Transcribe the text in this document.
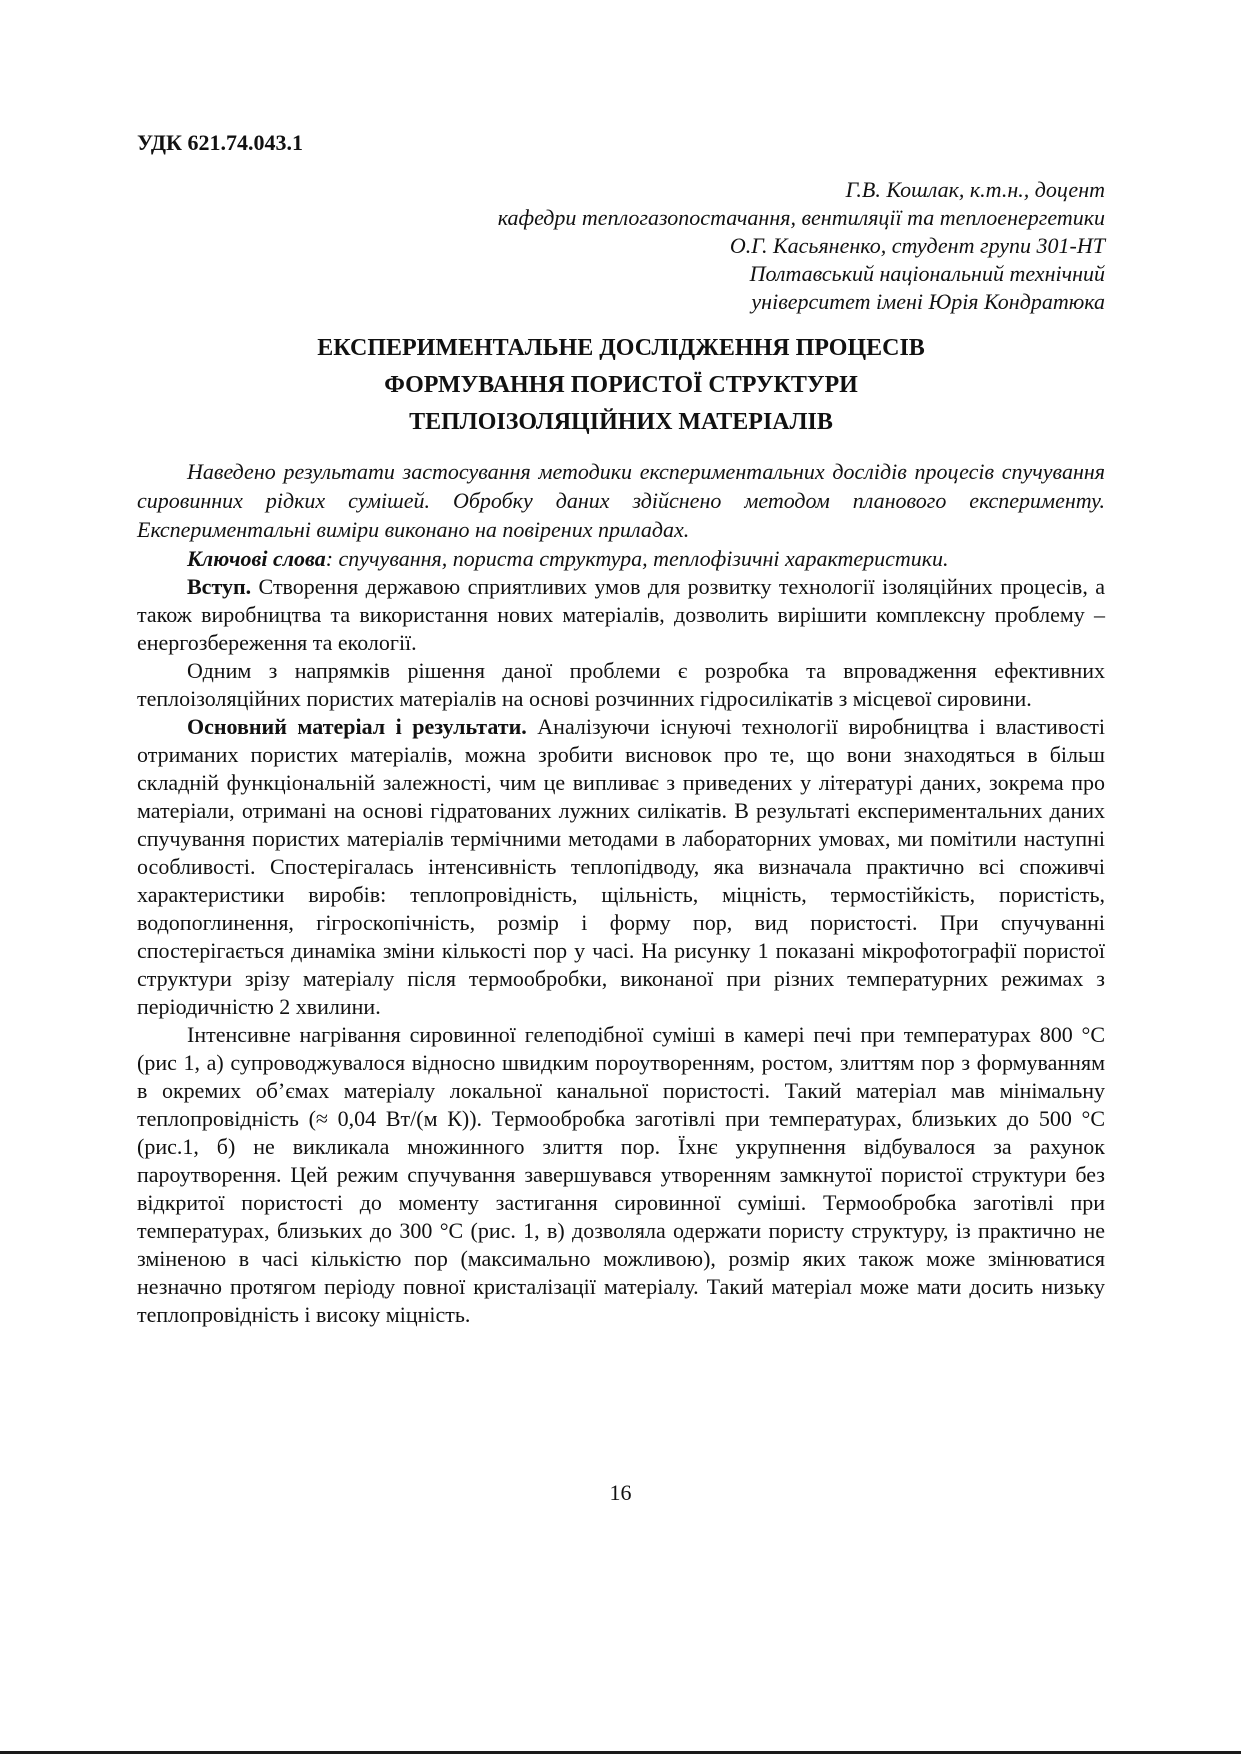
УДК 621.74.043.1
Г.В. Кошлак, к.т.н., доцент
кафедри теплогазопостачання, вентиляції та теплоенергетики
О.Г. Касьяненко, студент групи 301-НТ
Полтавський національний технічний
університет імені Юрія Кондратюка
ЕКСПЕРИМЕНТАЛЬНЕ ДОСЛІДЖЕННЯ ПРОЦЕСІВ
ФОРМУВАННЯ ПОРИСТОЇ СТРУКТУРИ
ТЕПЛОІЗОЛЯЦІЙНИХ МАТЕРІАЛІВ

Наведено результати застосування методики експериментальних дослідів процесів спучування сировинних рідких сумішей. Обробку даних здійснено методом планового експерименту. Експериментальні виміри виконано на повірених приладах.

Ключові слова: спучування, пориста структура, теплофізичні характеристики.

Вступ. Створення державою сприятливих умов для розвитку технології ізоляційних процесів, а також виробництва та використання нових матеріалів, дозволить вирішити комплексну проблему – енергозбереження та екології.

Одним з напрямків рішення даної проблеми є розробка та впровадження ефективних теплоізоляційних пористих матеріалів на основі розчинних гідросилікатів з місцевої сировини.

Основний матеріал і результати. Аналізуючи існуючі технології виробництва і властивості отриманих пористих матеріалів, можна зробити висновок про те, що вони знаходяться в більш складній функціональній залежності, чим це випливає з приведених у літературі даних, зокрема про матеріали, отримані на основі гідратованих лужних силікатів. В результаті експериментальних даних спучування пористих матеріалів термічними методами в лабораторних умовах, ми помітили наступні особливості. Спостерігалась інтенсивність теплопідводу, яка визначала практично всі споживчі характеристики виробів: теплопровідність, щільність, міцність, термостійкість, пористість, водопоглинення, гігроскопічність, розмір і форму пор, вид пористості. При спучуванні спостерігається динаміка зміни кількості пор у часі. На рисунку 1 показані мікрофотографії пористої структури зрізу матеріалу після термообробки, виконаної при різних температурних режимах з періодичністю 2 хвилини.

Інтенсивне нагрівання сировинної гелеподібної суміші в камері печі при температурах 800 °С (рис 1, а) супроводжувалося відносно швидким пороутворенням, ростом, злиттям пор з формуванням в окремих об’ємах матеріалу локальної канальної пористості. Такий матеріал мав мінімальну теплопровідність (≈ 0,04 Вт/(м К)). Термообробка заготівлі при температурах, близьких до 500 °С (рис.1, б) не викликала множинного злиття пор. Їхнє укрупнення відбувалося за рахунок пароутворення. Цей режим спучування завершувався утворенням замкнутої пористої структури без відкритої пористості до моменту застигання сировинної суміші. Термообробка заготівлі при температурах, близьких до 300 °С (рис. 1, в) дозволяла одержати пористу структуру, із практично не зміненою в часі кількістю пор (максимально можливою), розмір яких також може змінюватися незначно протягом періоду повної кристалізації матеріалу. Такий матеріал може мати досить низьку теплопровідність і високу міцність.

16
